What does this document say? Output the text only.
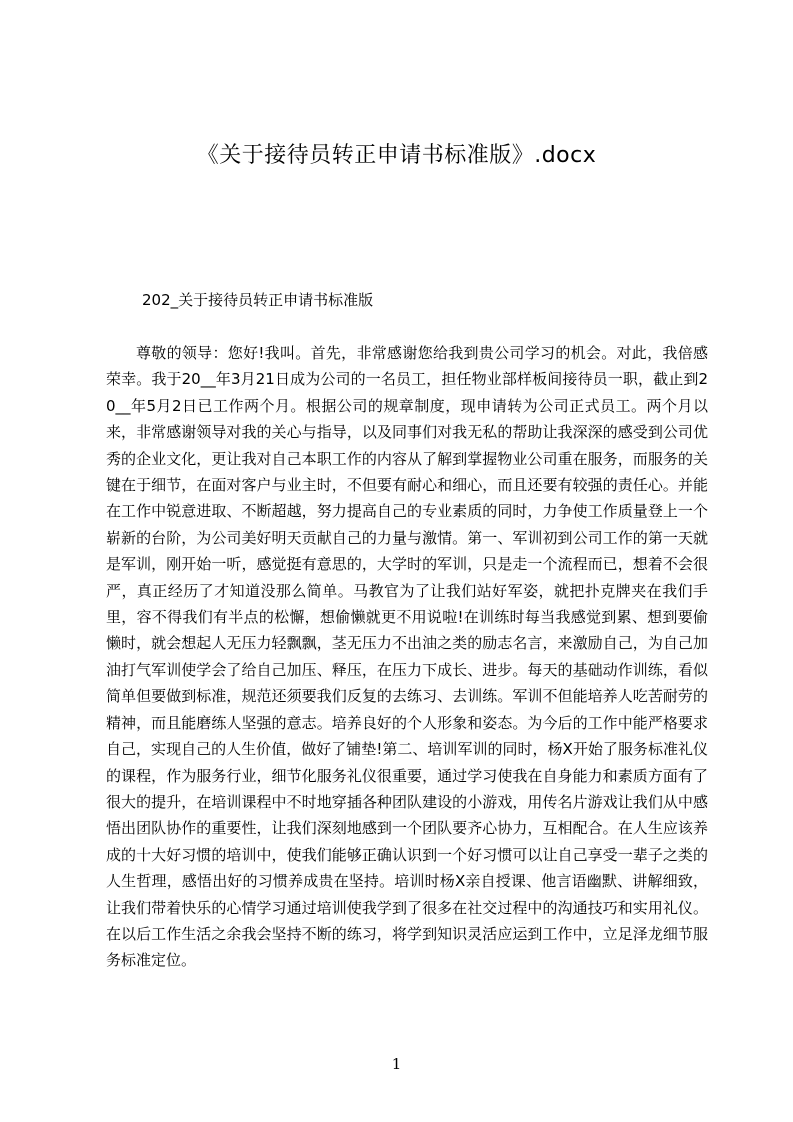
《关于接待员转正申请书标准版》.docx
202_关于接待员转正申请书标准版

尊敬的领导：您好!我叫。首先，非常感谢您给我到贵公司学习的机会。对此，我倍感荣幸。我于20__年3月21日成为公司的一名员工，担任物业部样板间接待员一职，截止到20__年5月2日已工作两个月。根据公司的规章制度，现申请转为公司正式员工。两个月以来，非常感谢领导对我的关心与指导，以及同事们对我无私的帮助让我深深的感受到公司优秀的企业文化，更让我对自己本职工作的内容从了解到掌握物业公司重在服务，而服务的关键在于细节，在面对客户与业主时，不但要有耐心和细心，而且还要有较强的责任心。并能在工作中锐意进取、不断超越，努力提高自己的专业素质的同时，力争使工作质量登上一个崭新的台阶，为公司美好明天贡献自己的力量与激情。第一、军训初到公司工作的第一天就是军训，刚开始一听，感觉挺有意思的，大学时的军训，只是走一个流程而已，想着不会很严，真正经历了才知道没那么简单。马教官为了让我们站好军姿，就把扑克牌夹在我们手里，容不得我们有半点的松懈，想偷懒就更不用说啦!在训练时每当我感觉到累、想到要偷懒时，就会想起人无压力轻飘飘，茎无压力不出油之类的励志名言，来激励自己，为自己加油打气军训使学会了给自己加压、释压，在压力下成长、进步。每天的基础动作训练，看似简单但要做到标准，规范还须要我们反复的去练习、去训练。军训不但能培养人吃苦耐劳的精神，而且能磨练人坚强的意志。培养良好的个人形象和姿态。为今后的工作中能严格要求自己，实现自己的人生价值，做好了铺垫!第二、培训军训的同时，杨X开始了服务标准礼仪的课程，作为服务行业，细节化服务礼仪很重要，通过学习使我在自身能力和素质方面有了很大的提升，在培训课程中不时地穿插各种团队建设的小游戏，用传名片游戏让我们从中感悟出团队协作的重要性，让我们深刻地感到一个团队要齐心协力，互相配合。在人生应该养成的十大好习惯的培训中，使我们能够正确认识到一个好习惯可以让自己享受一辈子之类的人生哲理，感悟出好的习惯养成贵在坚持。培训时杨X亲自授课、他言语幽默、讲解细致，让我们带着快乐的心情学习通过培训使我学到了很多在社交过程中的沟通技巧和实用礼仪。在以后工作生活之余我会坚持不断的练习，将学到知识灵活应运到工作中，立足泽龙细节服务标准定位。

1
